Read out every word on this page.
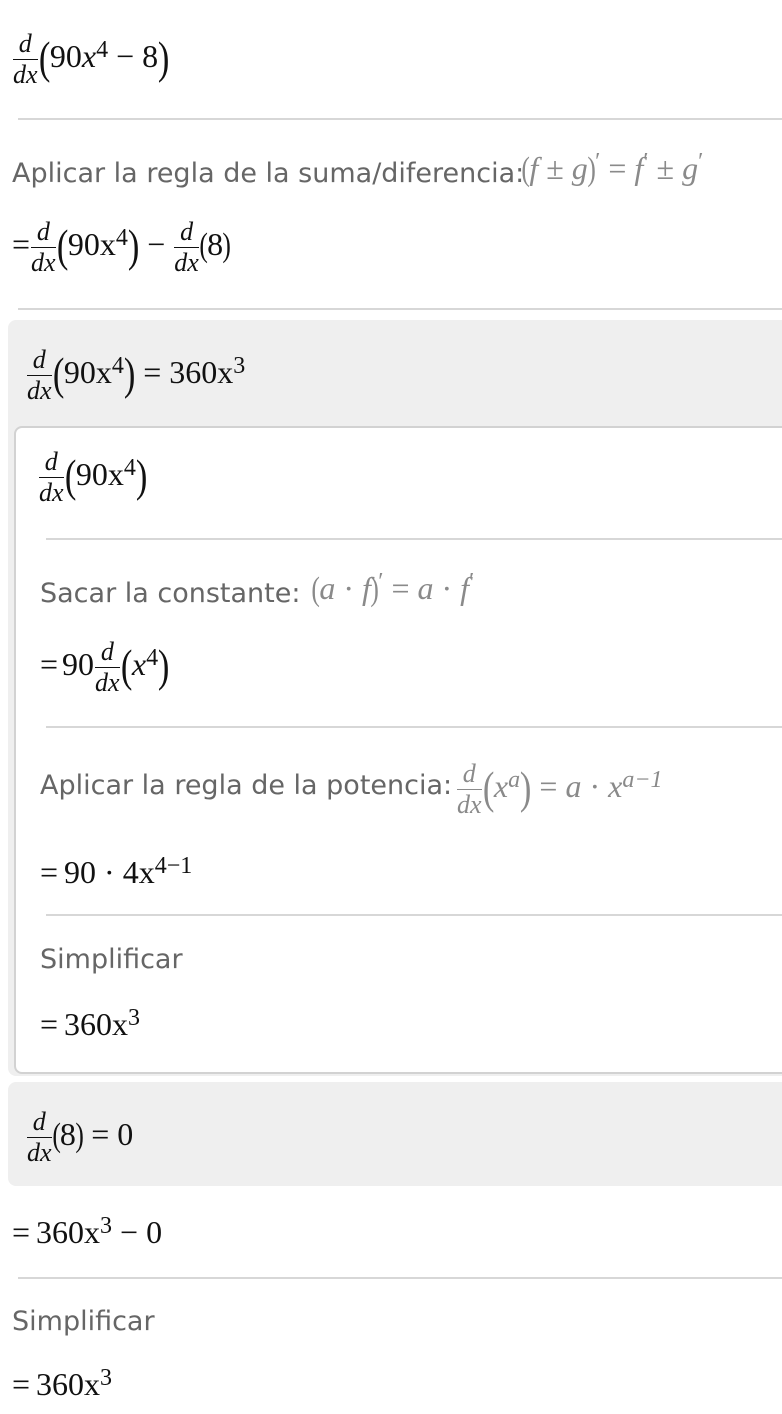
$\frac{d}{dx} (90x^4 - 8)$
Aplicar la regla de la suma/diferencia:
(f ± g)′ = f′ ± g′
= $\frac{d}{dx} (90x^4) - \frac{d}{dx} (8)$
$\frac{d}{dx} (90x^4) = 360x^3$
$\frac{d}{dx} (90x^4)$
Sacar la constante: (a · f)′ = a · f′
= $90 \frac{d}{dx} (x^4)$
Aplicar la regla de la potencia: $\frac{d}{dx} (x^a) = a \cdot x^{a-1}$
= $90 \cdot 4x^{4-1}$
Simplificar
= $360x^3$
$\frac{d}{dx} (8) = 0$
= $360x^3 - 0$
Simplificar
= $360x^3$
